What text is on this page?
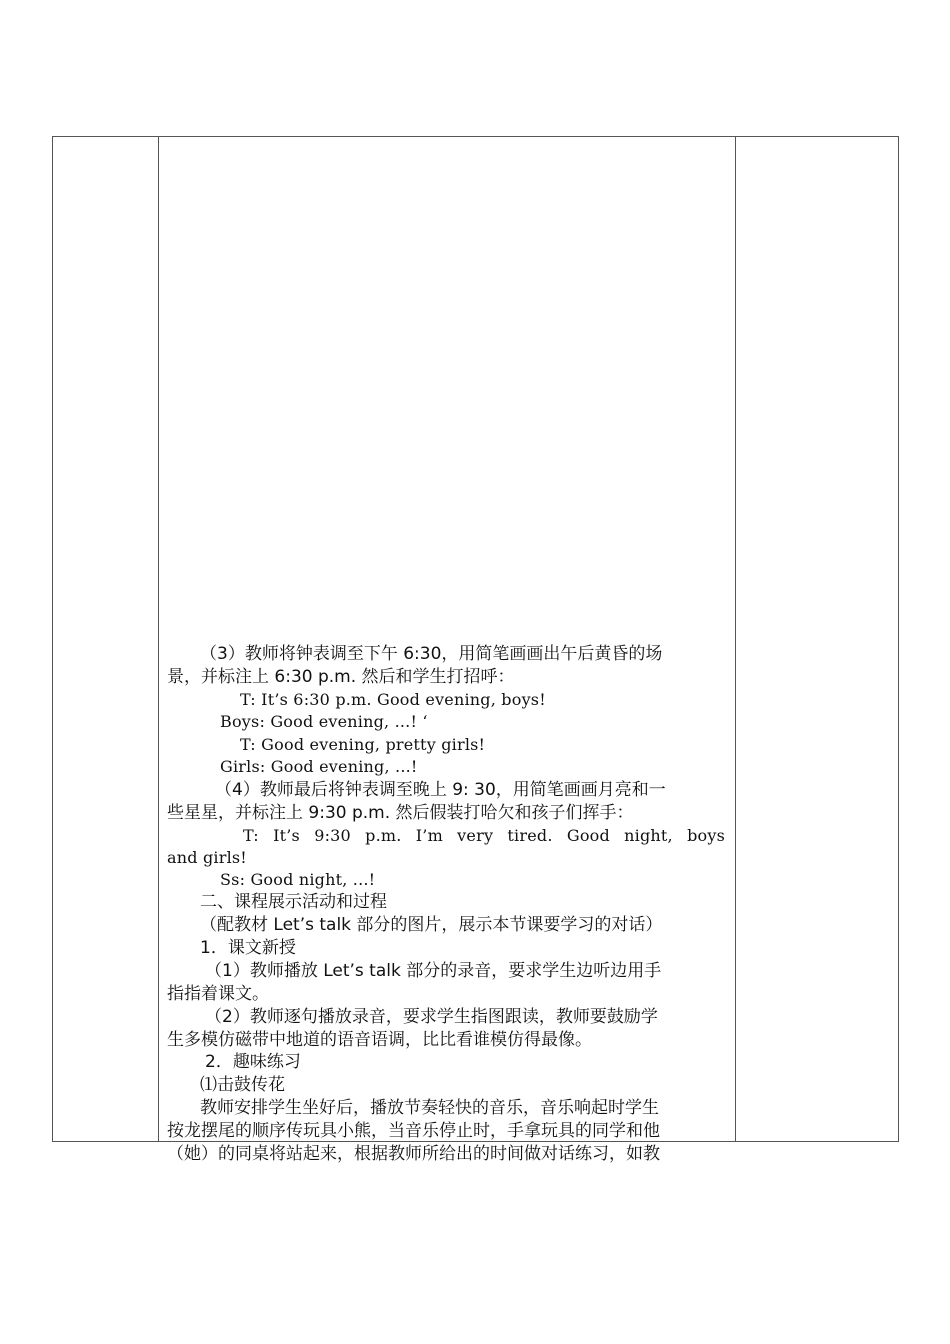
（3）教师将钟表调至下午 6:30，用简笔画画出午后黄昏的场
景，并标注上 6:30 p.m. 然后和学生打招呼：
T: It’s 6:30 p.m. Good evening, boys!
Boys: Good evening, ...! ‘
T: Good evening, pretty girls!
Girls: Good evening, ...!
（4）教师最后将钟表调至晚上 9: 30，用简笔画画月亮和一
些星星，并标注上 9:30 p.m. 然后假装打哈欠和孩子们挥手：
T: It’s 9:30 p.m. I’m very tired. Good night, boys
and girls!
Ss: Good night, ...!
二、课程展示活动和过程
（配教材 Let’s talk 部分的图片，展示本节课要学习的对话）
1．课文新授
（1）教师播放 Let’s talk 部分的录音，要求学生边听边用手
指指着课文。
（2）教师逐句播放录音，要求学生指图跟读，教师要鼓励学
生多模仿磁带中地道的语音语调，比比看谁模仿得最像。
2．趣味练习
⑴击鼓传花
教师安排学生坐好后，播放节奏轻快的音乐，音乐响起时学生
按龙摆尾的顺序传玩具小熊，当音乐停止时，手拿玩具的同学和他
（她）的同桌将站起来，根据教师所给出的时间做对话练习，如教
